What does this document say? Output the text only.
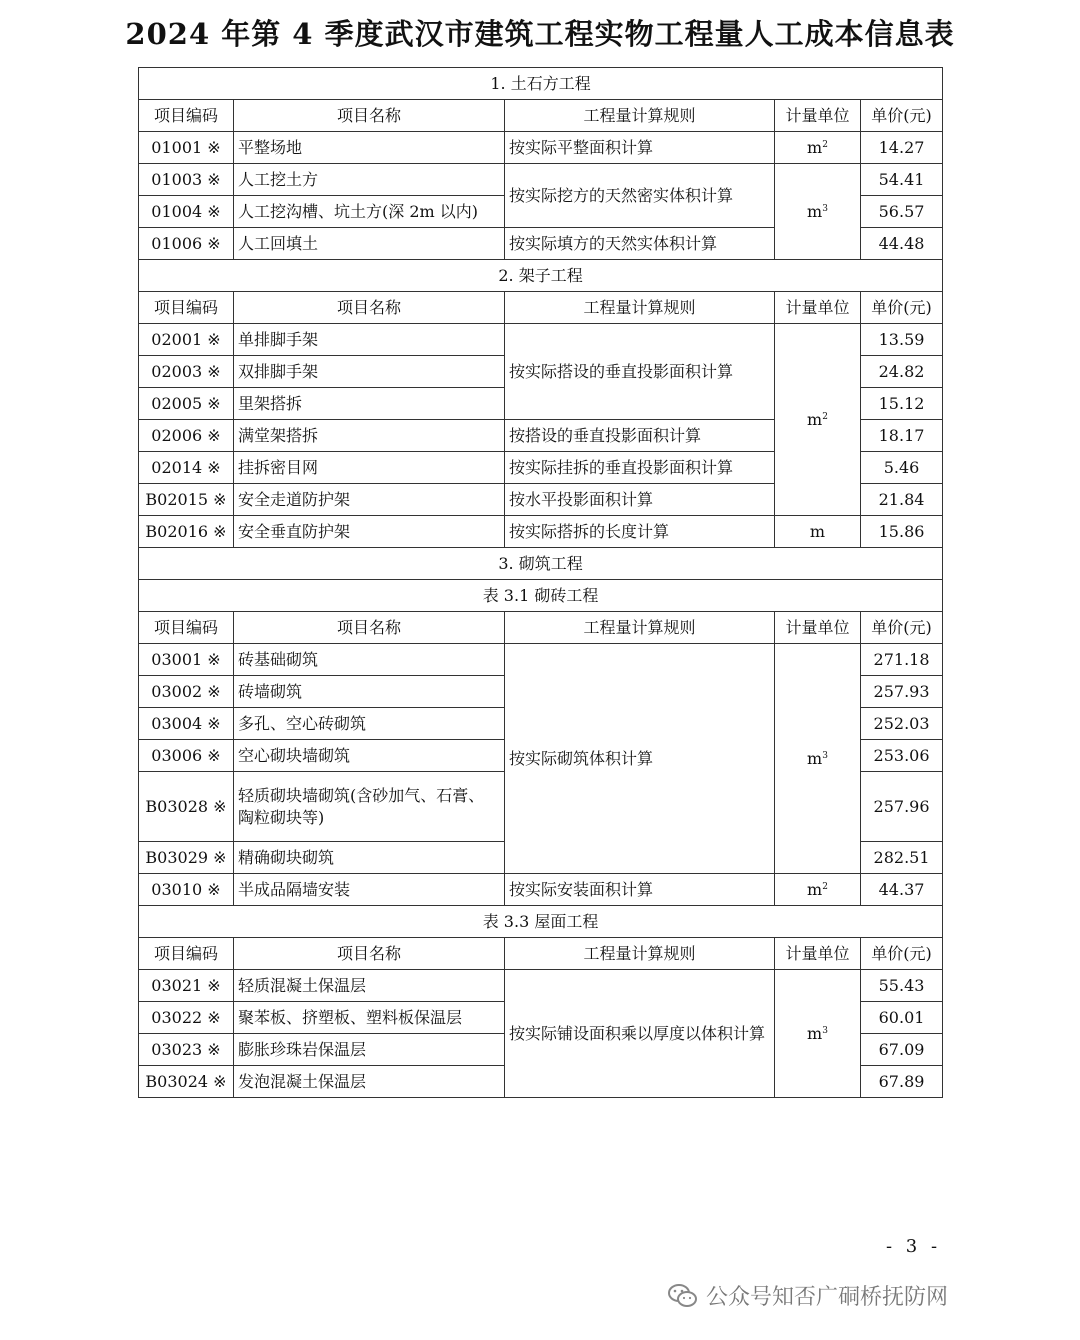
2024 年第 4 季度武汉市建筑工程实物工程量人工成本信息表
1. 土石方工程				
项目编码	项目名称	工程量计算规则	计量单位	单价(元)
01001 ※	平整场地	按实际平整面积计算	$m^2$	14.27
01003 ※	人工挖土方	按实际挖方的天然密实体积计算	$m^3$	54.41
01004 ※	人工挖沟槽、坑土方(深 2m 以内)			56.57
01006 ※	人工回填土	按实际填方的天然实体积计算		44.48
2. 架子工程				
项目编码	项目名称	工程量计算规则	计量单位	单价(元)
02001 ※	单排脚手架	按实际搭设的垂直投影面积计算	$m^2$	13.59
02003 ※	双排脚手架			24.82
02005 ※	里架搭拆			15.12
02006 ※	满堂架搭拆	按搭设的垂直投影面积计算		18.17
02014 ※	挂拆密目网	按实际挂拆的垂直投影面积计算		5.46
B02015 ※	安全走道防护架	按水平投影面积计算		21.84
B02016 ※	安全垂直防护架	按实际搭拆的长度计算	m	15.86
3. 砌筑工程				
表 3.1 砌砖工程				
项目编码	项目名称	工程量计算规则	计量单位	单价(元)
03001 ※	砖基础砌筑	按实际砌筑体积计算	$m^3$	271.18
03002 ※	砖墙砌筑			257.93
03004 ※	多孔、空心砖砌筑			252.03
03006 ※	空心砌块墙砌筑			253.06
B03028 ※	轻质砌块墙砌筑(含砂加气、石膏、陶粒砌块等)			257.96
B03029 ※	精确砌块砌筑			282.51
03010 ※	半成品隔墙安装	按实际安装面积计算	$m^2$	44.37
表 3.3 屋面工程				
项目编码	项目名称	工程量计算规则	计量单位	单价(元)
03021 ※	轻质混凝土保温层	按实际铺设面积乘以厚度以体积计算	$m^3$	55.43
03022 ※	聚苯板、挤塑板、塑料板保温层			60.01
03023 ※	膨胀珍珠岩保温层			67.09
B03024 ※	发泡混凝土保温层			67.89
- 3 -
公众号知否广硐桥抚防网
